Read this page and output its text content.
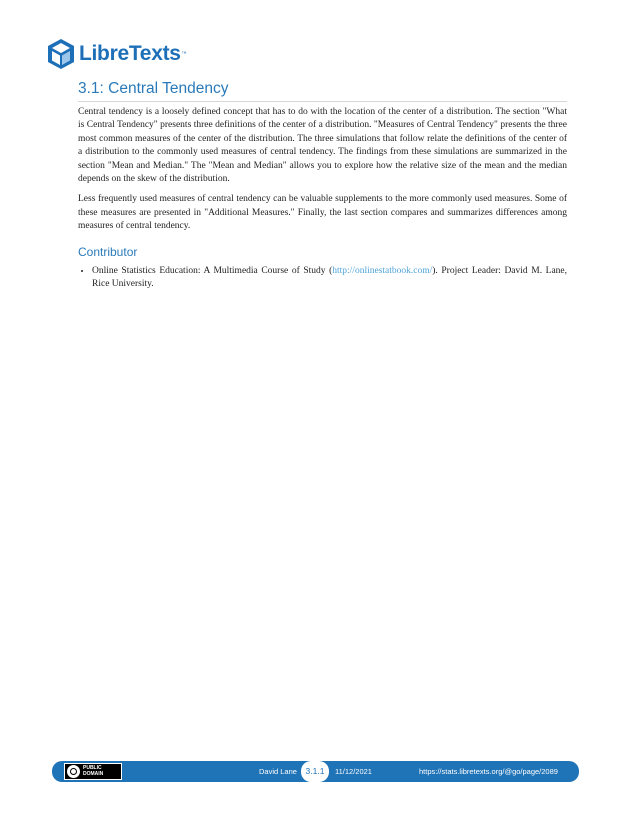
LibreTexts ™
3.1: Central Tendency

Central tendency is a loosely defined concept that has to do with the location of the center of a distribution. The section "What is Central Tendency" presents three definitions of the center of a distribution. "Measures of Central Tendency" presents the three most common measures of the center of the distribution. The three simulations that follow relate the definitions of the center of a distribution to the commonly used measures of central tendency. The findings from these simulations are summarized in the section "Mean and Median." The "Mean and Median" allows you to explore how the relative size of the mean and the median depends on the skew of the distribution.

Less frequently used measures of central tendency can be valuable supplements to the more commonly used measures. Some of these measures are presented in "Additional Measures." Finally, the last section compares and summarizes differences among measures of central tendency.

Contributor
• Online Statistics Education: A Multimedia Course of Study (http://onlinestatbook.com/). Project Leader: David M. Lane, Rice University.
PUBLIC
DOMAIN	David Lane	3.1.1	11/12/2021	https://stats.libretexts.org/@go/page/2089
